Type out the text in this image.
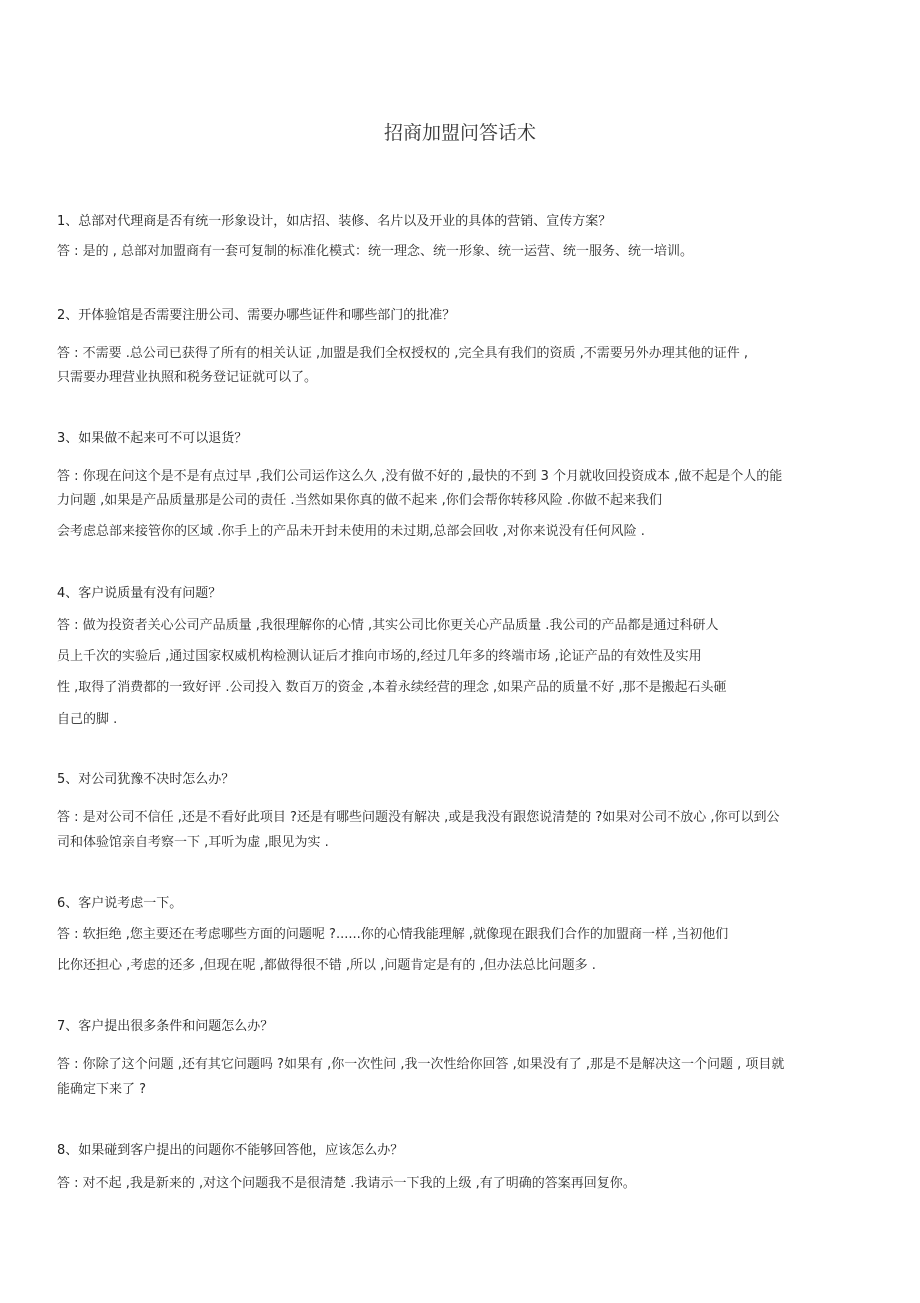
招商加盟问答话术

1、总部对代理商是否有统一形象设计，如店招、装修、名片以及开业的具体的营销、宣传方案？

答 : 是的 , 总部对加盟商有一套可复制的标准化模式：统一理念、统一形象、统一运营、统一服务、统一培训。

2、开体验馆是否需要注册公司、需要办哪些证件和哪些部门的批准？

答 : 不需要 .总公司已获得了所有的相关认证 ,加盟是我们全权授权的 ,完全具有我们的资质 ,不需要另外办理其他的证件 ,

只需要办理营业执照和税务登记证就可以了。

3、如果做不起来可不可以退货？

答 : 你现在问这个是不是有点过早 ,我们公司运作这么久 ,没有做不好的 ,最快的不到 3 个月就收回投资成本 ,做不起是个人的能

力问题 ,如果是产品质量那是公司的责任 .当然如果你真的做不起来 ,你们会帮你转移风险 .你做不起来我们

会考虑总部来接管你的区域 .你手上的产品未开封未使用的未过期,总部会回收 ,对你来说没有任何风险 .

4、客户说质量有没有问题？

答 : 做为投资者关心公司产品质量 ,我很理解你的心情 ,其实公司比你更关心产品质量 .我公司的产品都是通过科研人

员上千次的实验后 ,通过国家权威机构检测认证后才推向市场的,经过几年多的终端市场 ,论证产品的有效性及实用

性 ,取得了消费都的一致好评 .公司投入 数百万的资金 ,本着永续经营的理念 ,如果产品的质量不好 ,那不是搬起石头砸

自己的脚 .

5、对公司犹豫不决时怎么办？

答 : 是对公司不信任 ,还是不看好此项目 ?还是有哪些问题没有解决 ,或是我没有跟您说清楚的 ?如果对公司不放心 ,你可以到公

司和体验馆亲自考察一下 ,耳听为虚 ,眼见为实 .

6、客户说考虑一下。

答 : 软拒绝 ,您主要还在考虑哪些方面的问题呢 ?......你的心情我能理解 ,就像现在跟我们合作的加盟商一样 ,当初他们

比你还担心 ,考虑的还多 ,但现在呢 ,都做得很不错 ,所以 ,问题肯定是有的 ,但办法总比问题多 .

7、客户提出很多条件和问题怎么办？

答 : 你除了这个问题 ,还有其它问题吗 ?如果有 ,你一次性问 ,我一次性给你回答 ,如果没有了 ,那是不是解决这一个问题 , 项目就

能确定下来了 ?

8、如果碰到客户提出的问题你不能够回答他，应该怎么办？

答 : 对不起 ,我是新来的 ,对这个问题我不是很清楚 .我请示一下我的上级 ,有了明确的答案再回复你。
